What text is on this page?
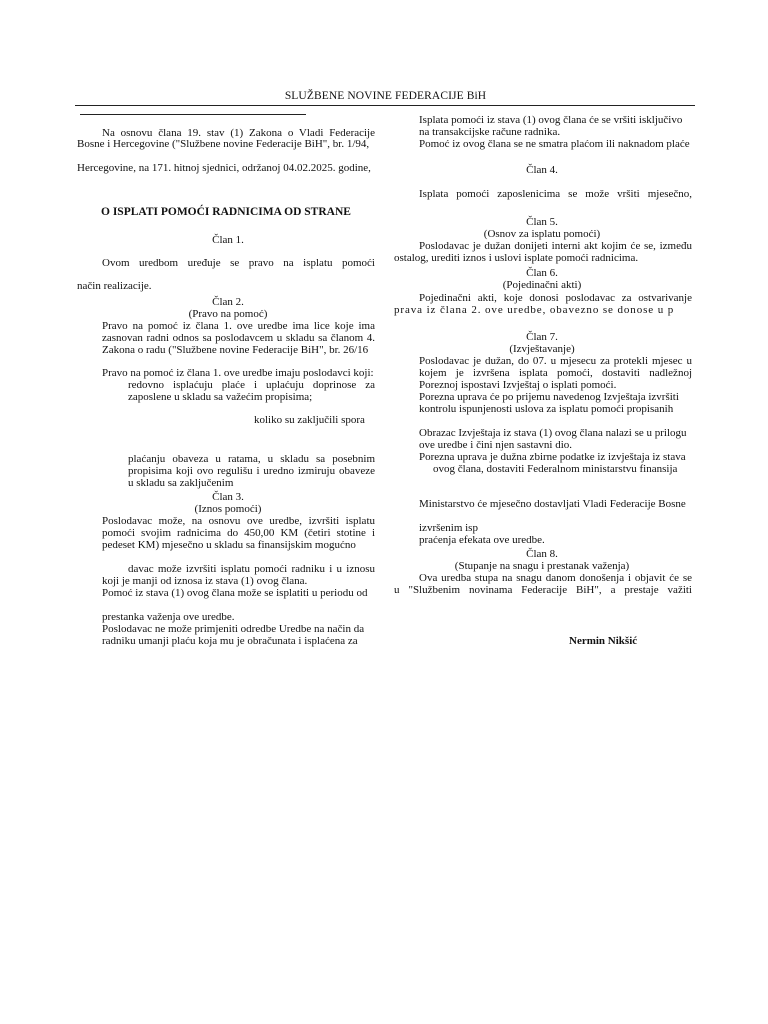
SLUŽBENE NOVINE FEDERACIJE BiH
Na osnovu člana 19. stav (1) Zakona o Vladi Federacije
Bosne i Hercegovine ("Službene novine Federacije BiH", br. 1/94,
Hercegovine, na 171. hitnoj sjednici, održanoj 04.02.2025. godine,
O ISPLATI POMOĆI RADNICIMA OD STRANE
Član 1.
Ovom uredbom uređuje se pravo na isplatu pomoći
način realizacije.
Član 2.
(Pravo na pomoć)
Pravo na pomoć iz člana 1. ove uredbe ima lice koje ima
zasnovan radni odnos sa poslodavcem u skladu sa članom 4.
Zakona o radu ("Službene novine Federacije BiH", br. 26/16
Pravo na pomoć iz člana 1. ove uredbe imaju poslodavci koji:
redovno isplaćuju plaće i uplaćuju doprinose za
zaposlene u skladu sa važećim propisima;
koliko su zaključili spora
plaćanju obaveza u ratama, u skladu sa posebnim
propisima koji ovo regulišu i uredno izmiruju obaveze
u skladu sa zaključenim
Član 3.
(Iznos pomoći)
Poslodavac može, na osnovu ove uredbe, izvršiti isplatu
pomoći svojim radnicima do 450,00 KM (četiri stotine i
pedeset KM) mjesečno u skladu sa finansijskim mogućno
davac može izvršiti isplatu pomoći radniku i u iznosu
koji je manji od iznosa iz stava (1) ovog člana.
Pomoć iz stava (1) ovog člana može se isplatiti u periodu od
prestanka važenja ove uredbe.
Poslodavac ne može primjeniti odredbe Uredbe na način da
radniku umanji plaću koja mu je obračunata i isplaćena za
Isplata pomoći iz stava (1) ovog člana će se vršiti isključivo
na transakcijske račune radnika.
Pomoć iz ovog člana se ne smatra plaćom ili naknadom plaće
Član 4.
Isplata pomoći zaposlenicima se može vršiti mjesečno,
Član 5.
(Osnov za isplatu pomoći)
Poslodavac je dužan donijeti interni akt kojim će se, između
ostalog, urediti iznos i uslovi isplate pomoći radnicima.
Član 6.
(Pojedinačni akti)
Pojedinačni akti, koje donosi poslodavac za ostvarivanje
prava iz člana 2. ove uredbe, obavezno se donose u p
Član 7.
(Izvještavanje)
Poslodavac je dužan, do 07. u mjesecu za protekli mjesec u
kojem je izvršena isplata pomoći, dostaviti nadležnoj
Poreznoj ispostavi Izvještaj o isplati pomoći.
Porezna uprava će po prijemu navedenog Izvještaja izvršiti
kontrolu ispunjenosti uslova za isplatu pomoći propisanih
Obrazac Izvještaja iz stava (1) ovog člana nalazi se u prilogu
ove uredbe i čini njen sastavni dio.
Porezna uprava je dužna zbirne podatke iz izvještaja iz stava
ovog člana, dostaviti Federalnom ministarstvu finansija
Ministarstvo će mjesečno dostavljati Vladi Federacije Bosne
izvršenim isp
praćenja efekata ove uredbe.
Član 8.
(Stupanje na snagu i prestanak važenja)
Ova uredba stupa na snagu danom donošenja i objavit će se
u "Službenim novinama Federacije BiH", a prestaje važiti
Nermin Nikšić
